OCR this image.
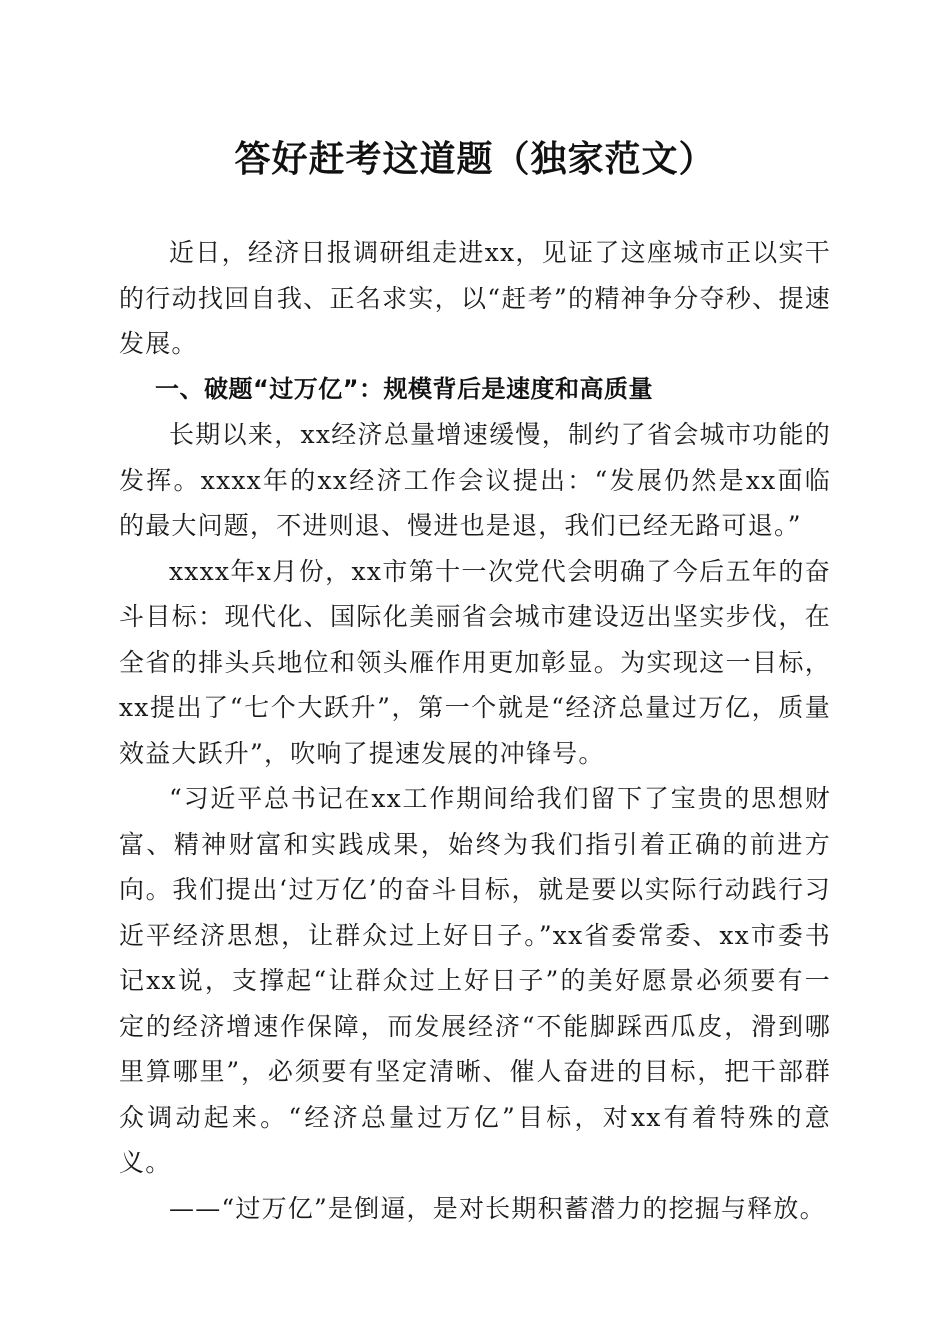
答好赶考这道题（独家范文）

近日，经济日报调研组走进xx，见证了这座城市正以实干的行动找回自我、正名求实，以“赶考”的精神争分夺秒、提速发展。

一、破题“过万亿”：规模背后是速度和高质量

长期以来，xx经济总量增速缓慢，制约了省会城市功能的发挥。xxxx年的xx经济工作会议提出：“发展仍然是xx面临的最大问题，不进则退、慢进也是退，我们已经无路可退。”

xxxx年x月份，xx市第十一次党代会明确了今后五年的奋斗目标：现代化、国际化美丽省会城市建设迈出坚实步伐，在全省的排头兵地位和领头雁作用更加彰显。为实现这一目标，xx提出了“七个大跃升”，第一个就是“经济总量过万亿，质量效益大跃升”，吹响了提速发展的冲锋号。

“习近平总书记在xx工作期间给我们留下了宝贵的思想财富、精神财富和实践成果，始终为我们指引着正确的前进方向。我们提出‘过万亿’的奋斗目标，就是要以实际行动践行习近平经济思想，让群众过上好日子。”xx省委常委、xx市委书记xx说，支撑起“让群众过上好日子”的美好愿景必须要有一定的经济增速作保障，而发展经济“不能脚踩西瓜皮，滑到哪里算哪里”，必须要有坚定清晰、催人奋进的目标，把干部群众调动起来。“经济总量过万亿”目标，对xx有着特殊的意义。

——“过万亿”是倒逼，是对长期积蓄潜力的挖掘与释放。
